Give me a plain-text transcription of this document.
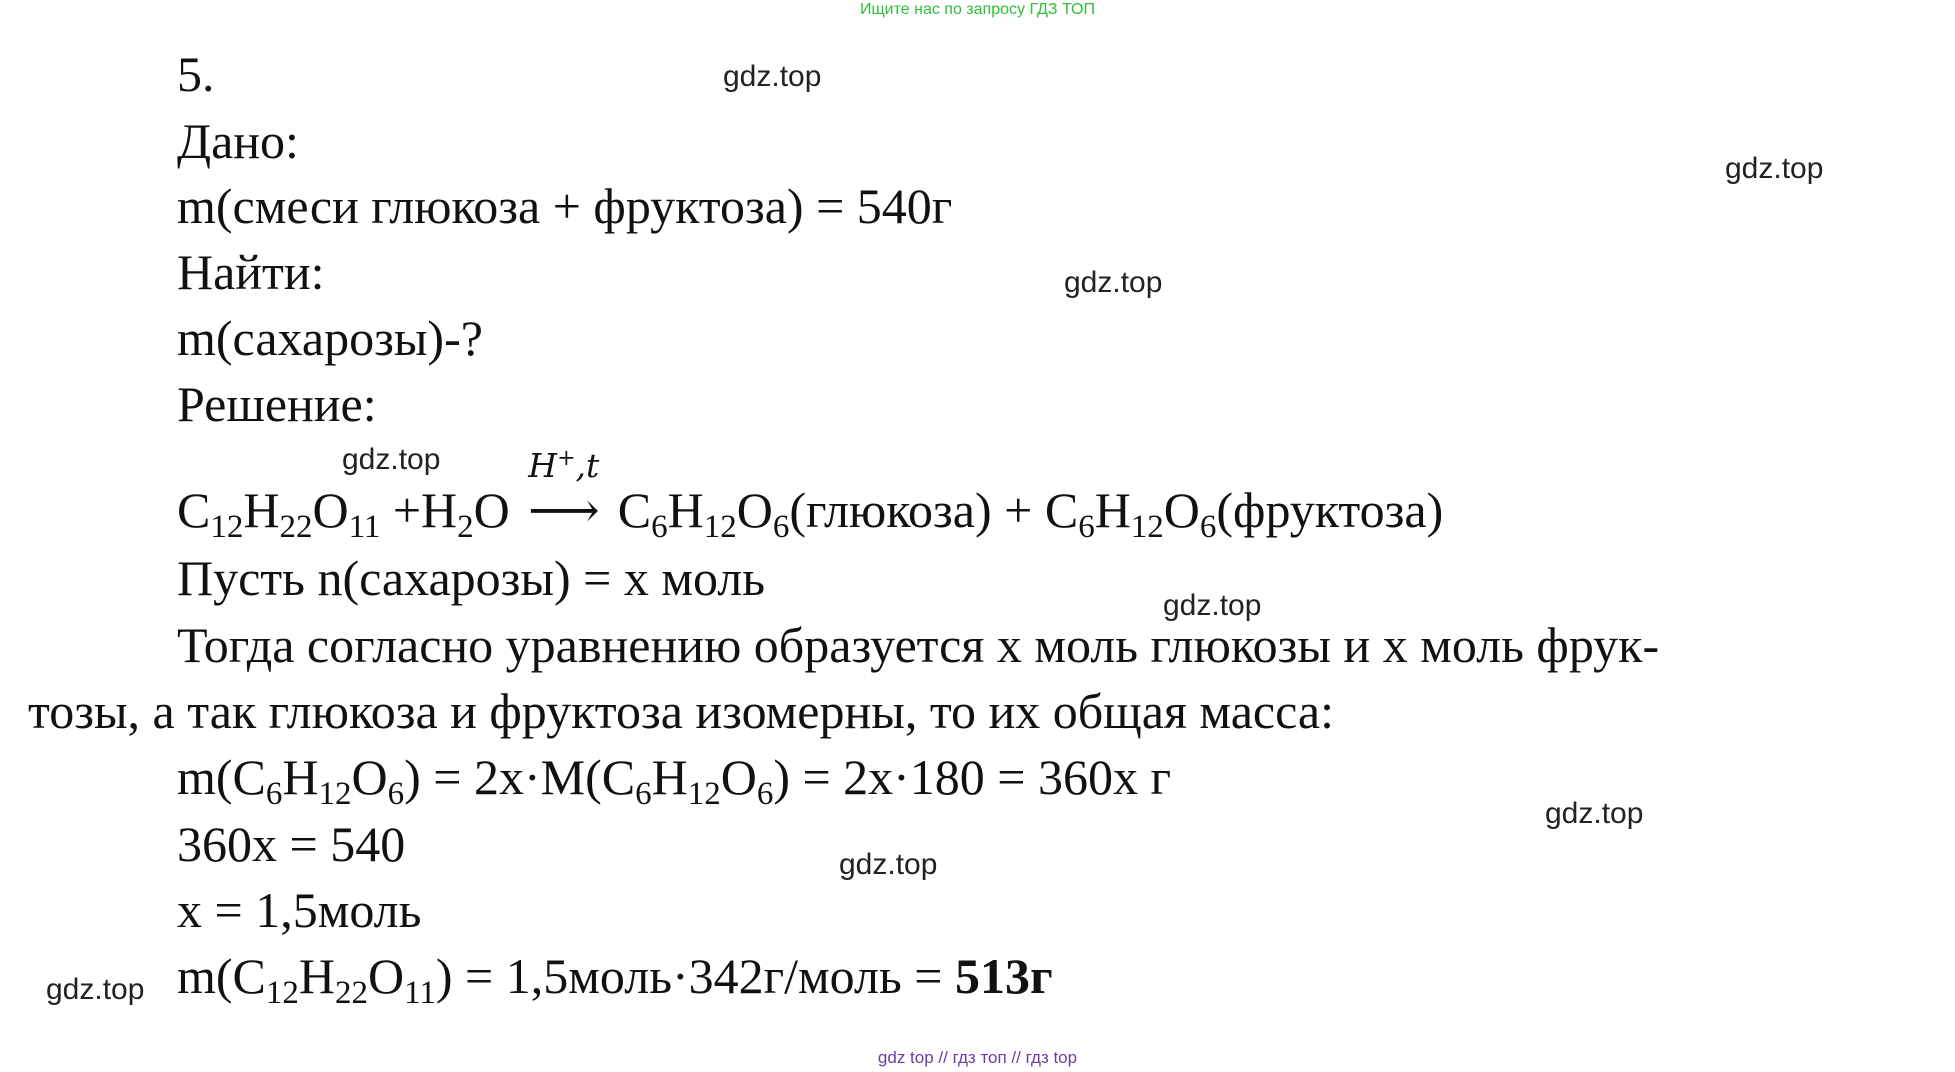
Ищите нас по запросу ГДЗ ТОП
5.
Дано:
m(смеси глюкоза + фруктоза) = 540г
Найти:
m(сахарозы)-?
Решение:
$C_{12}H_{22}O_{11} +H_2O$
H+,t
⟶ $C_6H_{12}O_6(глюкоза)$ + $C_6H_{12}O_6(фруктоза)$
Пусть n(сахарозы) = x моль
Тогда согласно уравнению образуется x моль глюкозы и x моль фрук-
тозы, а так глюкоза и фруктоза изомерны, то их общая масса:
$m(C_6H_{12}O_6) = 2x\cdot M(C_6H_{12}O_6) = 2x\cdot 180 = 360x$ г
360x = 540
x = 1,5моль
$m(C_{12}H_{22}O_{11})$ = 1,5моль·342г/моль = 513г
gdz.top
gdz.top
gdz.top
gdz.top
gdz.top
gdz.top
gdz.top
gdz.top
gdz top // гдз топ // гдз top
